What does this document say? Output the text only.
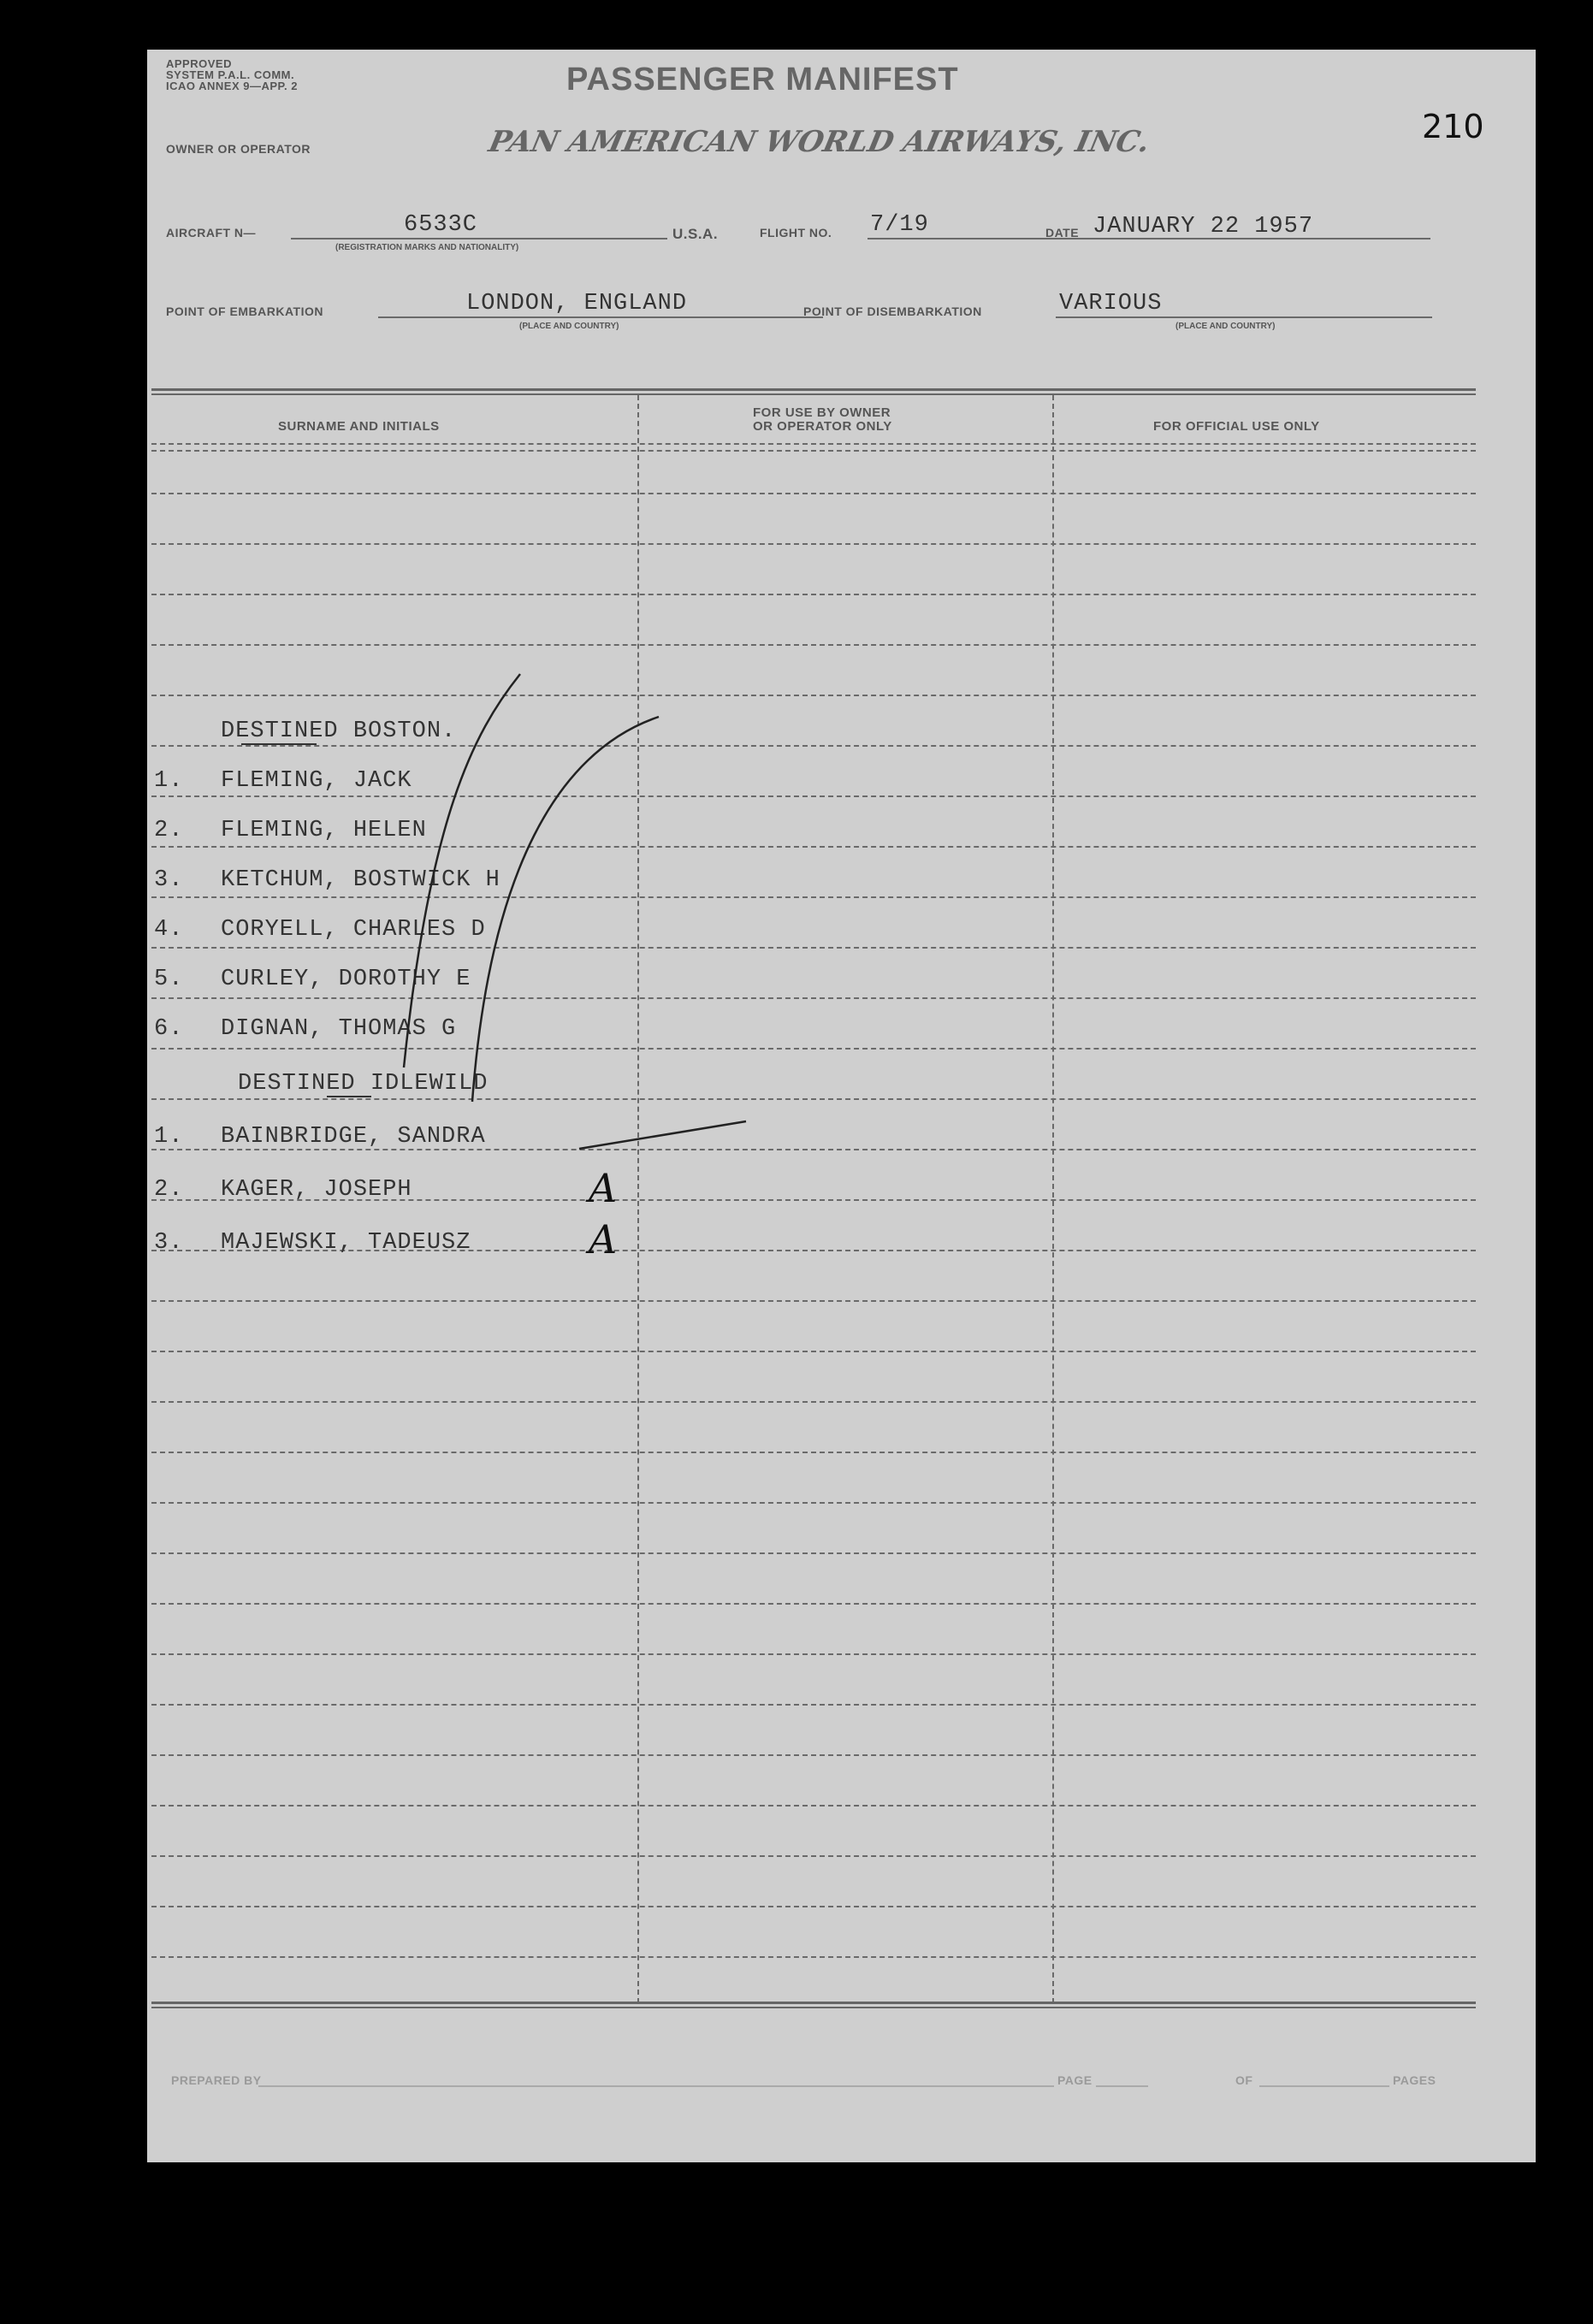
APPROVED
SYSTEM P.A.L. COMM.
ICAO ANNEX 9—APP. 2	PASSENGER MANIFEST
210
OWNER OR OPERATOR	PAN AMERICAN WORLD AIRWAYS, INC.
AIRCRAFT N—	6533C
(REGISTRATION MARKS AND NATIONALITY)
U.S.A.	FLIGHT NO. 7/19	DATE JANUARY 22 1957
POINT OF EMBARKATION	LONDON, ENGLAND
(PLACE AND COUNTRY)
POINT OF DISEMBARKATION	VARIOUS
(PLACE AND COUNTRY)
SURNAME AND INITIALS
FOR USE BY OWNER
OR OPERATOR ONLY	FOR OFFICIAL USE ONLY
DESTINED BOSTON.
1. FLEMING, JACK
2. FLEMING, HELEN
3. KETCHUM, BOSTWICK H
4. CORYELL, CHARLES D
5. CURLEY, DOROTHY E
6. DIGNAN, THOMAS G
DESTINED IDLEWILD
1. BAINBRIDGE, SANDRA
2. KAGER, JOSEPH	A
3. MAJEWSKI, TADEUSZ	A
PREPARED BY	PAGE	OF	PAGES
